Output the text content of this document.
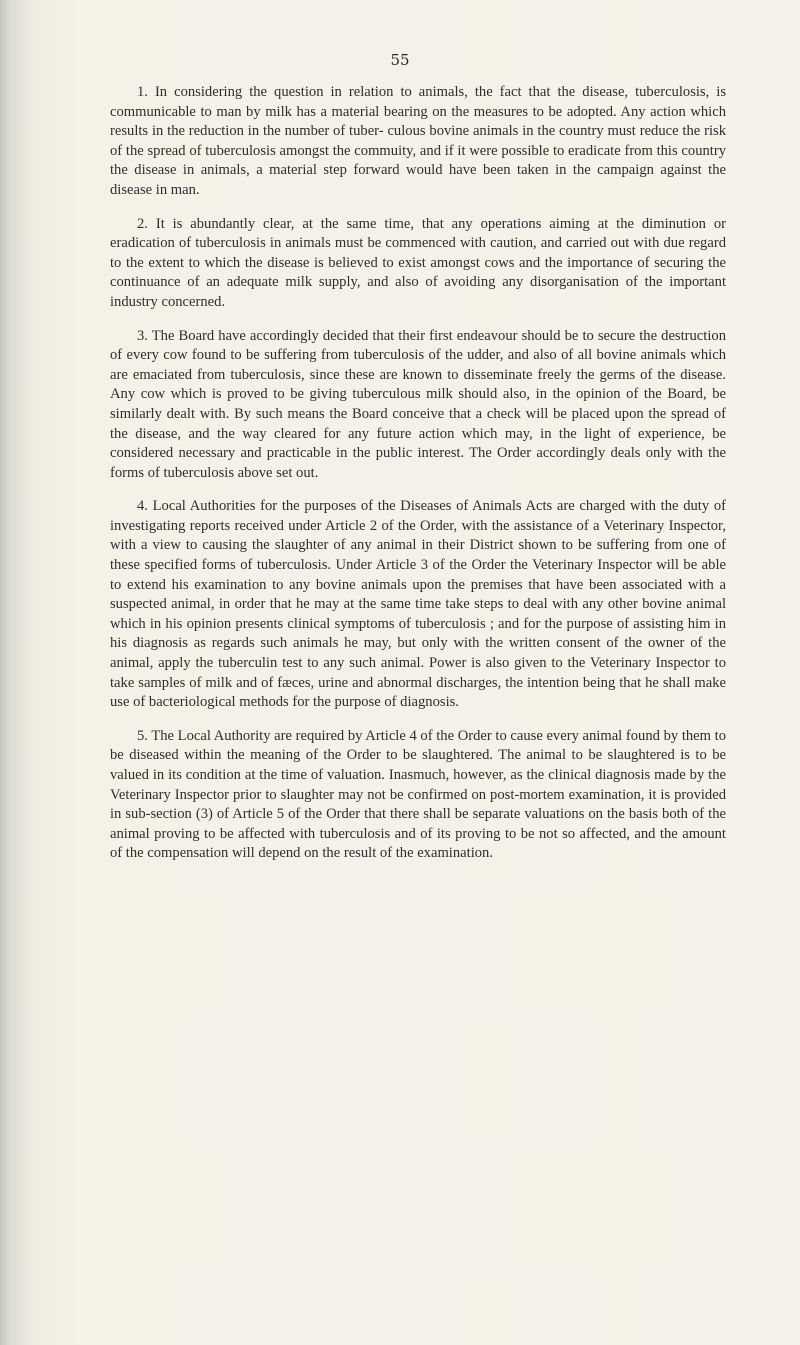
55

1. In considering the question in relation to animals, the fact that the disease, tuberculosis, is communicable to man by milk has a material bearing on the measures to be adopted. Any action which results in the reduction in the number of tuber- culous bovine animals in the country must reduce the risk of the spread of tuberculosis amongst the commuity, and if it were possible to eradicate from this country the disease in animals, a material step forward would have been taken in the campaign against the disease in man.

2. It is abundantly clear, at the same time, that any operations aiming at the diminution or eradication of tuberculosis in animals must be commenced with caution, and carried out with due regard to the extent to which the disease is believed to exist amongst cows and the importance of securing the continuance of an adequate milk supply, and also of avoiding any disorganisation of the important industry concerned.

3. The Board have accordingly decided that their first endeavour should be to secure the destruction of every cow found to be suffering from tuberculosis of the udder, and also of all bovine animals which are emaciated from tuberculosis, since these are known to disseminate freely the germs of the disease. Any cow which is proved to be giving tuberculous milk should also, in the opinion of the Board, be similarly dealt with. By such means the Board conceive that a check will be placed upon the spread of the disease, and the way cleared for any future action which may, in the light of experience, be considered necessary and practicable in the public interest. The Order accordingly deals only with the forms of tuberculosis above set out.

4. Local Authorities for the purposes of the Diseases of Animals Acts are charged with the duty of investigating reports received under Article 2 of the Order, with the assistance of a Veterinary Inspector, with a view to causing the slaughter of any animal in their District shown to be suffering from one of these specified forms of tuberculosis. Under Article 3 of the Order the Veterinary Inspector will be able to extend his examination to any bovine animals upon the premises that have been associated with a suspected animal, in order that he may at the same time take steps to deal with any other bovine animal which in his opinion presents clinical symptoms of tuberculosis ; and for the purpose of assisting him in his diagnosis as regards such animals he may, but only with the written consent of the owner of the animal, apply the tuberculin test to any such animal. Power is also given to the Veterinary Inspector to take samples of milk and of fæces, urine and abnormal discharges, the intention being that he shall make use of bacteriological methods for the purpose of diagnosis.

5. The Local Authority are required by Article 4 of the Order to cause every animal found by them to be diseased within the meaning of the Order to be slaughtered. The animal to be slaughtered is to be valued in its condition at the time of valuation. Inasmuch, however, as the clinical diagnosis made by the Veterinary Inspector prior to slaughter may not be confirmed on post-mortem examination, it is provided in sub-section (3) of Article 5 of the Order that there shall be separate valuations on the basis both of the animal proving to be affected with tuberculosis and of its proving to be not so affected, and the amount of the compensation will depend on the result of the examination.
